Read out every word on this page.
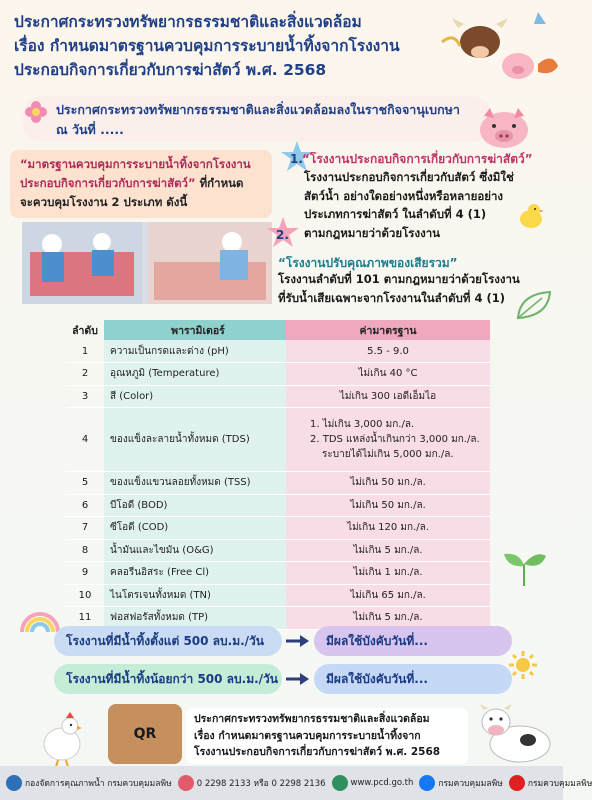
ประกาศกระทรวงทรัพยากรธรรมชาติและสิ่งแวดล้อม
เรื่อง กำหนดมาตรฐานควบคุมการระบายน้ำทิ้งจากโรงงาน
ประกอบกิจการเกี่ยวกับการฆ่าสัตว์ พ.ศ. 2568
ประกาศกระทรวงทรัพยากรธรรมชาติและสิ่งแวดล้อมลงในราชกิจจานุเบกษา
ณ วันที่ .....
“มาตรฐานควบคุมการระบายน้ำทิ้งจากโรงงาน
ประกอบกิจการเกี่ยวกับการฆ่าสัตว์” ที่กำหนด
จะควบคุมโรงงาน 2 ประเภท ดังนี้
1. “โรงงานประกอบกิจการเกี่ยวกับการฆ่าสัตว์”
โรงงานประกอบกิจการเกี่ยวกับสัตว์ ซึ่งมิใช่
สัตว์น้ำ อย่างใดอย่างหนึ่งหรือหลายอย่าง
ประเภทการฆ่าสัตว์ ในลำดับที่ 4 (1)
ตามกฎหมายว่าด้วยโรงงาน
2.
“โรงงานปรับคุณภาพของเสียรวม”
โรงงานลำดับที่ 101 ตามกฎหมายว่าด้วยโรงงาน
ที่รับน้ำเสียเฉพาะจากโรงงานในลำดับที่ 4 (1)
ลำดับ	พารามิเตอร์	ค่ามาตรฐาน
1	ความเป็นกรดและด่าง (pH)	5.5 - 9.0
2	อุณหภูมิ (Temperature)	ไม่เกิน 40 °C
3	สี (Color)	ไม่เกิน 300 เอดีเอ็มไอ
4	ของแข็งละลายน้ำทั้งหมด (TDS)	1. ไม่เกิน 3,000 มก./ล.
2. TDS แหล่งน้ำเกินกว่า 3,000 มก./ล.
ระบายได้ไม่เกิน 5,000 มก./ล.

5	ของแข็งแขวนลอยทั้งหมด (TSS)	ไม่เกิน 50 มก./ล.
6	บีโอดี (BOD)	ไม่เกิน 50 มก./ล.
7	ซีโอดี (COD)	ไม่เกิน 120 มก./ล.
8	น้ำมันและไขมัน (O&G)	ไม่เกิน 5 มก./ล.
9	คลอรีนอิสระ (Free Cl)	ไม่เกิน 1 มก./ล.
10	ไนโตรเจนทั้งหมด (TN)	ไม่เกิน 65 มก./ล.
11	ฟอสฟอรัสทั้งหมด (TP)	ไม่เกิน 5 มก./ล.
โรงงานที่มีน้ำทิ้งตั้งแต่ 500 ลบ.ม./วัน	มีผลใช้บังคับวันที่...
โรงงานที่มีน้ำทิ้งน้อยกว่า 500 ลบ.ม./วัน	มีผลใช้บังคับวันที่...
QR
ประกาศกระทรวงทรัพยากรธรรมชาติและสิ่งแวดล้อม
เรื่อง กำหนดมาตรฐานควบคุมการระบายน้ำทิ้งจาก
โรงงานประกอบกิจการเกี่ยวกับการฆ่าสัตว์ พ.ศ. 2568
กองจัดการคุณภาพน้ำ กรมควบคุมมลพิษ	0 2298 2133 หรือ 0 2298 2136	www.pcd.go.th	กรมควบคุมมลพิษ	กรมควบคุมมลพิษ
